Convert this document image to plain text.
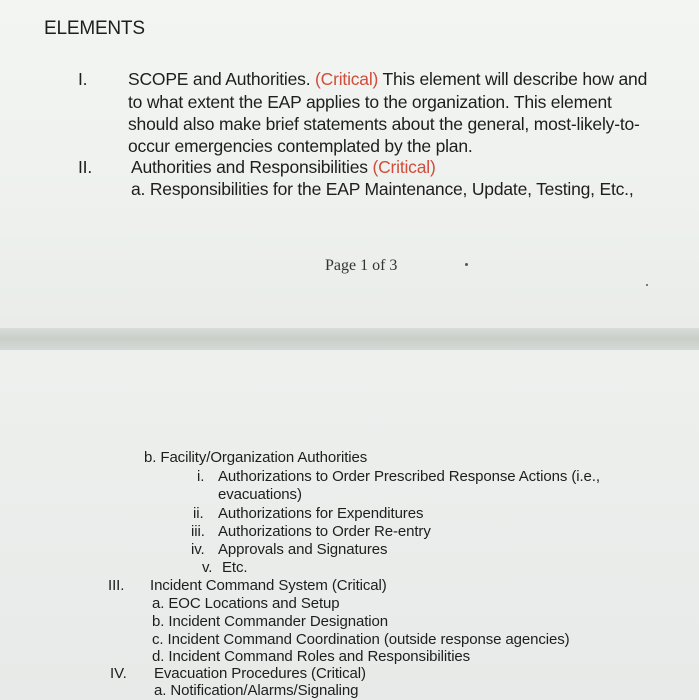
ELEMENTS
I. SCOPE and Authorities. (Critical) This element will describe how and
to what extent the EAP applies to the organization. This element
should also make brief statements about the general, most-likely-to-
occur emergencies contemplated by the plan.
II. Authorities and Responsibilities (Critical)
a. Responsibilities for the EAP Maintenance, Update, Testing, Etc.,
Page 1 of 3
b. Facility/Organization Authorities
i. Authorizations to Order Prescribed Response Actions (i.e.,
evacuations)
ii. Authorizations for Expenditures
iii. Authorizations to Order Re-entry
iv. Approvals and Signatures
v. Etc.
III. Incident Command System (Critical)
a. EOC Locations and Setup
b. Incident Commander Designation
c. Incident Command Coordination (outside response agencies)
d. Incident Command Roles and Responsibilities
IV. Evacuation Procedures (Critical)
a. Notification/Alarms/Signaling
